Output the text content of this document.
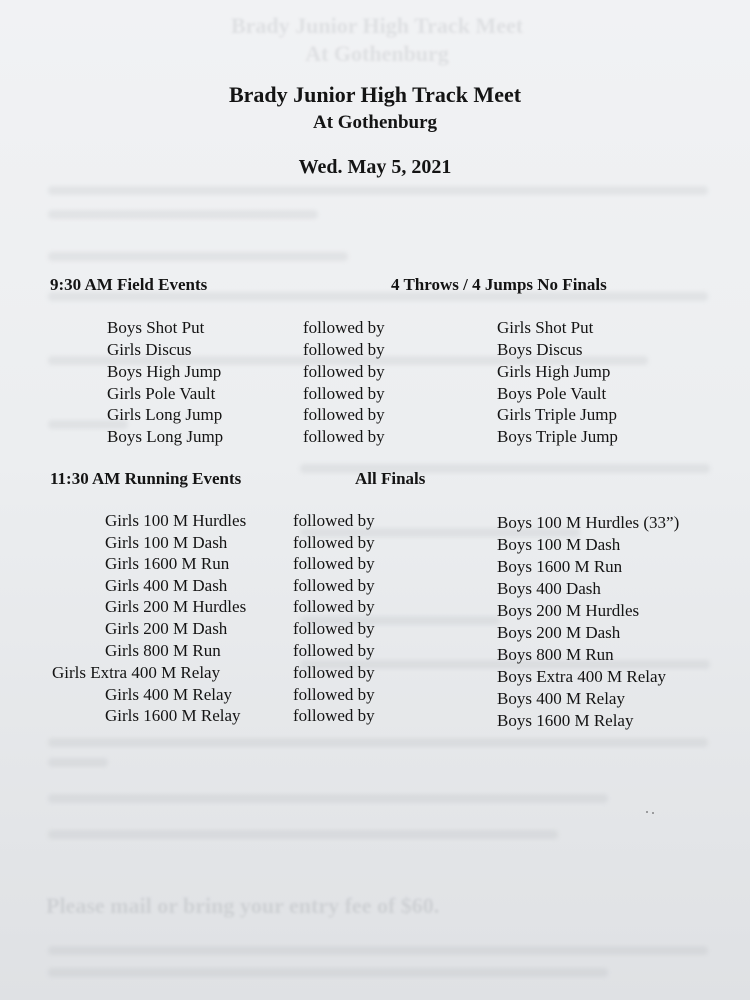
Brady Junior High Track Meet
At Gothenburg
Please mail or bring your entry fee of $60.
Brady Junior High Track Meet
At Gothenburg
Wed. May 5, 2021
9:30 AM Field Events	4 Throws / 4 Jumps No Finals
Boys Shot Put	followed by	Girls Shot Put
Girls Discus	followed by	Boys Discus
Boys High Jump	followed by	Girls High Jump
Girls Pole Vault	followed by	Boys Pole Vault
Girls Long Jump	followed by	Girls Triple Jump
Boys Long Jump	followed by	Boys Triple Jump
11:30 AM Running Events	All Finals
Girls 100 M Hurdles	followed by	Boys 100 M Hurdles (33”)
Girls 100 M Dash	followed by	Boys 100 M Dash
Girls 1600 M Run	followed by	Boys 1600 M Run
Girls 400 M Dash	followed by	Boys 400 Dash
Girls 200 M Hurdles	followed by	Boys 200 M Hurdles
Girls 200 M Dash	followed by	Boys 200 M Dash
Girls 800 M Run	followed by	Boys 800 M Run
Girls Extra 400 M Relay	followed by	Boys Extra 400 M Relay
Girls 400 M Relay	followed by	Boys 400 M Relay
Girls 1600 M Relay	followed by	Boys 1600 M Relay
